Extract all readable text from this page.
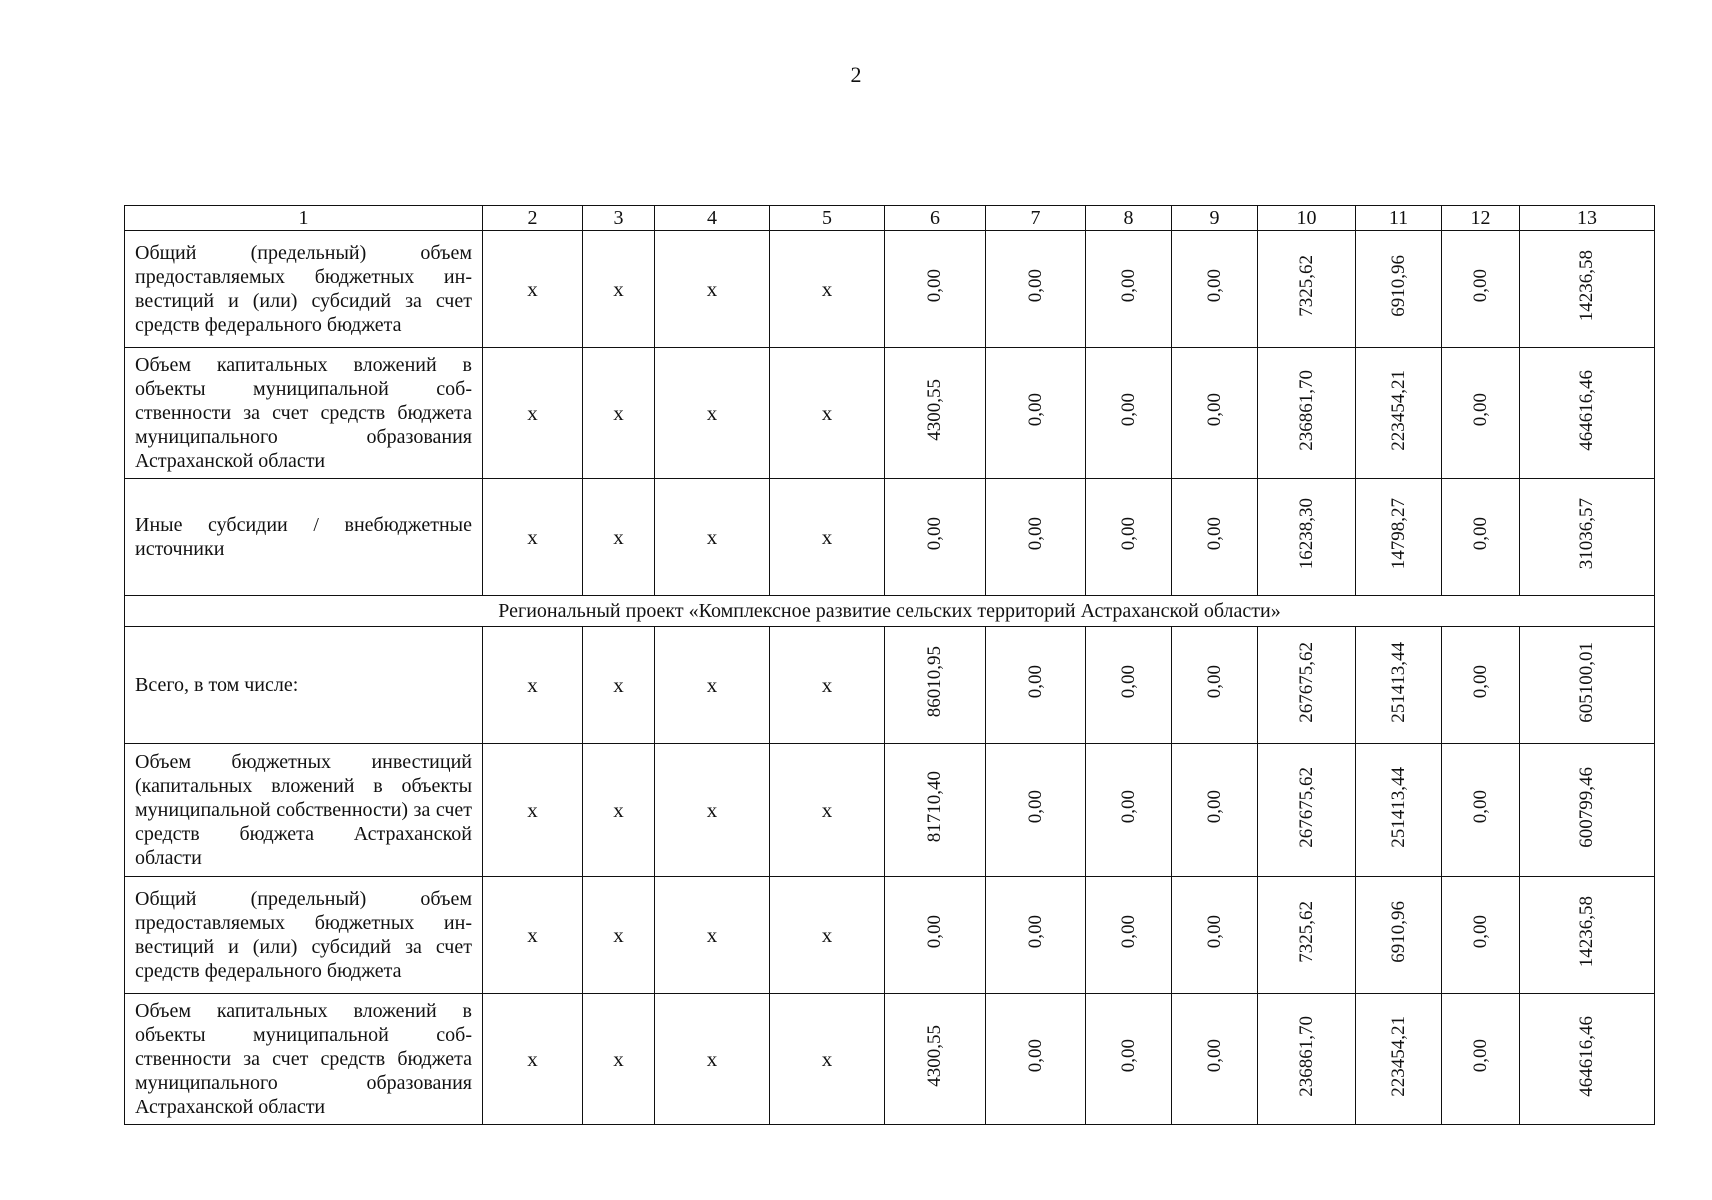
2
1	2	3	4	5	6	7	8	9	10	11	12	13
Общий (предельный) объем предоставляемых бюджетных инвестиций и (или) субсидий за счет средств федерального бюджета	x	x	x	x	0,00	0,00	0,00	0,00	7325,62	6910,96	0,00	14236,58
Объем капитальных вложений в объекты муниципальной собственности за счет средств бюджета муниципального образования Астраханской области	x	x	x	x	4300,55	0,00	0,00	0,00	236861,70	223454,21	0,00	464616,46
Иные субсидии / внебюджетные источники	x	x	x	x	0,00	0,00	0,00	0,00	16238,30	14798,27	0,00	31036,57
Региональный проект «Комплексное развитие сельских территорий Астраханской области»												
Всего, в том числе:	x	x	x	x	86010,95	0,00	0,00	0,00	267675,62	251413,44	0,00	605100,01
Объем бюджетных инвестиций (капитальных вложений в объекты муниципальной собственности) за счет средств бюджета Астраханской области	x	x	x	x	81710,40	0,00	0,00	0,00	267675,62	251413,44	0,00	600799,46
Общий (предельный) объем предоставляемых бюджетных инвестиций и (или) субсидий за счет средств федерального бюджета	x	x	x	x	0,00	0,00	0,00	0,00	7325,62	6910,96	0,00	14236,58
Объем капитальных вложений в объекты муниципальной собственности за счет средств бюджета муниципального образования Астраханской области	x	x	x	x	4300,55	0,00	0,00	0,00	236861,70	223454,21	0,00	464616,46
